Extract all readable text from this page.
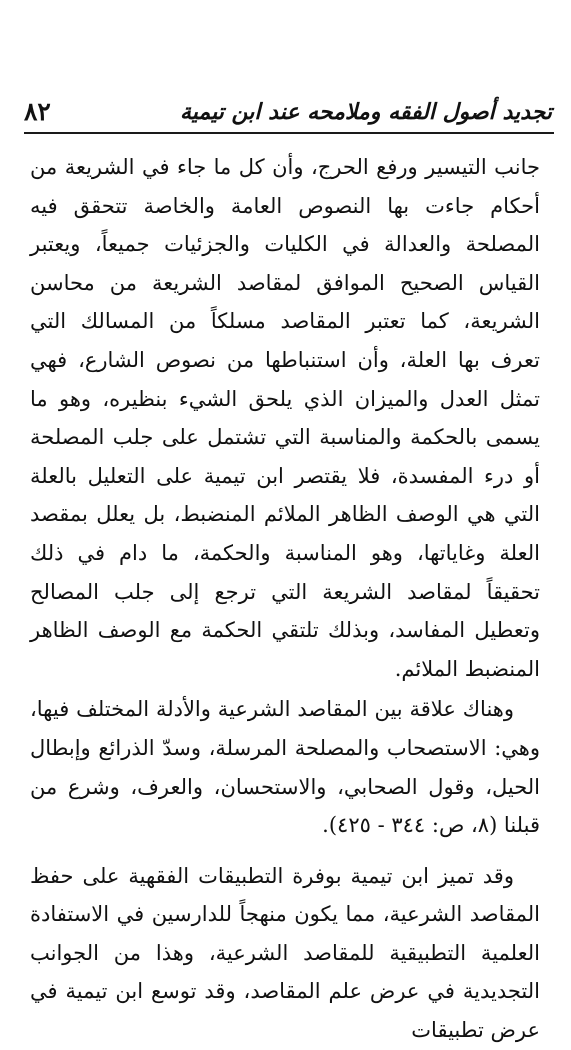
٨٢	تجديد أصول الفقه وملامحه عند ابن تيمية

جانب التيسير ورفع الحرج، وأن كل ما جاء في الشريعة من أحكام جاءت بها النصوص العامة والخاصة تتحقق فيه المصلحة والعدالة في الكليات والجزئيات جميعاً، ويعتبر القياس الصحيح الموافق لمقاصد الشريعة من محاسن الشريعة، كما تعتبر المقاصد مسلكاً من المسالك التي تعرف بها العلة، وأن استنباطها من نصوص الشارع، فهي تمثل العدل والميزان الذي يلحق الشيء بنظيره، وهو ما يسمى بالحكمة والمناسبة التي تشتمل على جلب المصلحة أو درء المفسدة، فلا يقتصر ابن تيمية على التعليل بالعلة التي هي الوصف الظاهر الملائم المنضبط، بل يعلل بمقصد العلة وغاياتها، وهو المناسبة والحكمة، ما دام في ذلك تحقيقاً لمقاصد الشريعة التي ترجع إلى جلب المصالح وتعطيل المفاسد، وبذلك تلتقي الحكمة مع الوصف الظاهر المنضبط الملائم.

وهناك علاقة بين المقاصد الشرعية والأدلة المختلف فيها، وهي: الاستصحاب والمصلحة المرسلة، وسدّ الذرائع وإبطال الحيل، وقول الصحابي، والاستحسان، والعرف، وشرع من قبلنا (٨، ص: ٣٤٤ - ٤٢٥).

وقد تميز ابن تيمية بوفرة التطبيقات الفقهية على حفظ المقاصد الشرعية، مما يكون منهجاً للدارسين في الاستفادة العلمية التطبيقية للمقاصد الشرعية، وهذا من الجوانب التجديدية في عرض علم المقاصد، وقد توسع ابن تيمية في عرض تطبيقات
